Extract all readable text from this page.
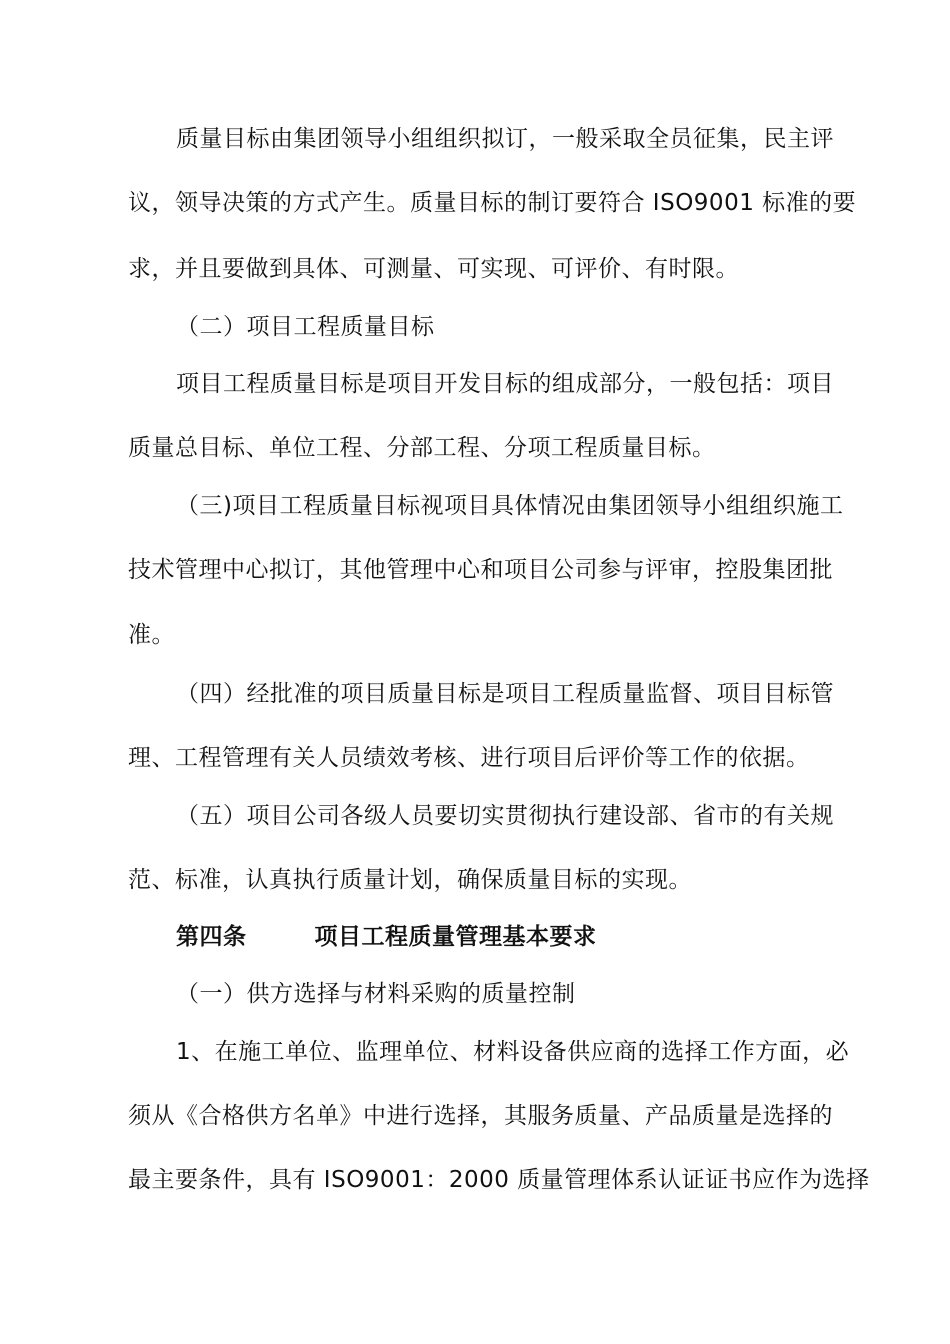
质量目标由集团领导小组组织拟订，一般采取全员征集，民主评
议，领导决策的方式产生。质量目标的制订要符合 ISO9001 标准的要
求，并且要做到具体、可测量、可实现、可评价、有时限。
（二）项目工程质量目标
项目工程质量目标是项目开发目标的组成部分，一般包括：项目
质量总目标、单位工程、分部工程、分项工程质量目标。
（三)项目工程质量目标视项目具体情况由集团领导小组组织施工
技术管理中心拟订，其他管理中心和项目公司参与评审，控股集团批
准。
（四）经批准的项目质量目标是项目工程质量监督、项目目标管
理、工程管理有关人员绩效考核、进行项目后评价等工作的依据。
（五）项目公司各级人员要切实贯彻执行建设部、省市的有关规
范、标准，认真执行质量计划，确保质量目标的实现。
第四条	项目工程质量管理基本要求
（一）供方选择与材料采购的质量控制
1、在施工单位、监理单位、材料设备供应商的选择工作方面，必
须从《合格供方名单》中进行选择，其服务质量、产品质量是选择的
最主要条件，具有 ISO9001：2000 质量管理体系认证证书应作为选择
